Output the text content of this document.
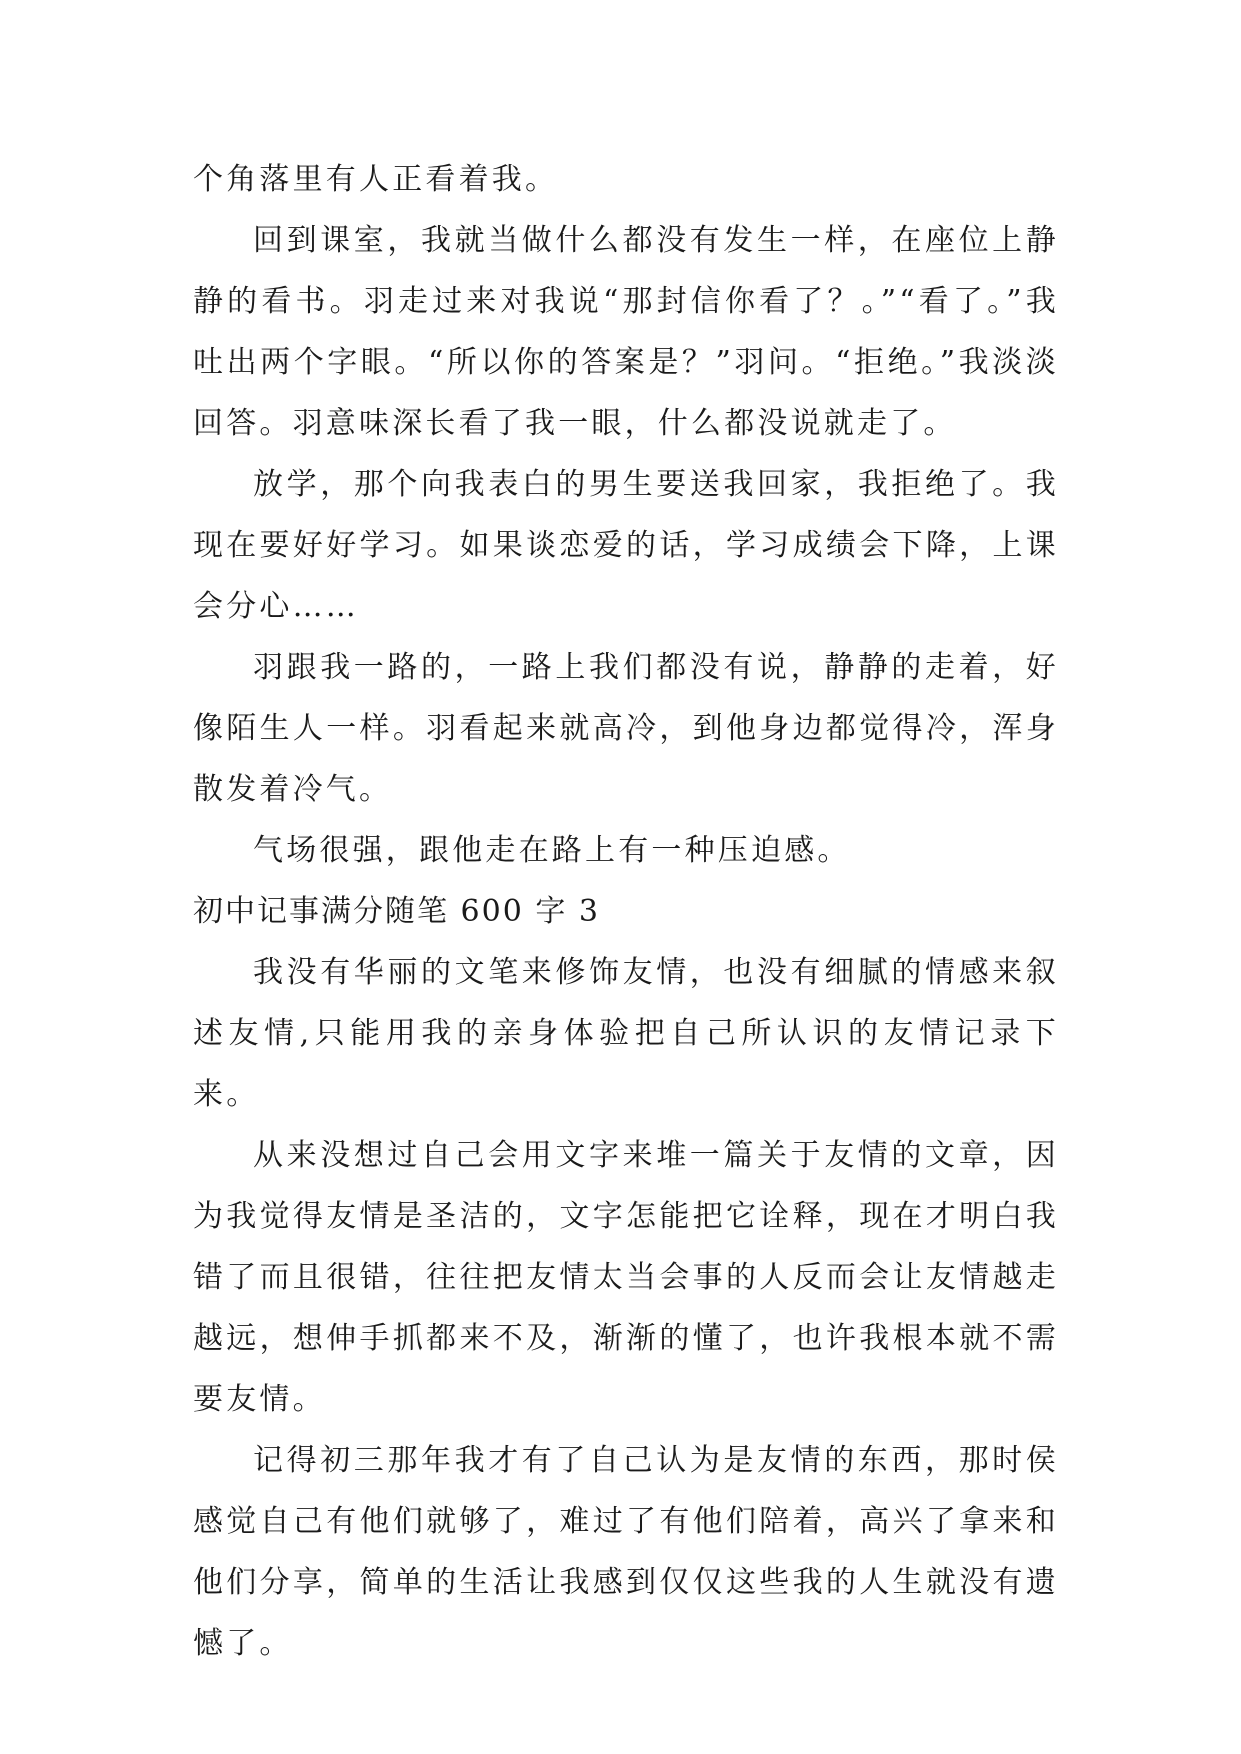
个角落里有人正看着我。

回到课室，我就当做什么都没有发生一样，在座位上静静的看书。羽走过来对我说“那封信你看了？。”“看了。”我吐出两个字眼。“所以你的答案是？”羽问。“拒绝。”我淡淡回答。羽意味深长看了我一眼，什么都没说就走了。

放学，那个向我表白的男生要送我回家，我拒绝了。我现在要好好学习。如果谈恋爱的话，学习成绩会下降，上课会分心……

羽跟我一路的，一路上我们都没有说，静静的走着，好像陌生人一样。羽看起来就高冷，到他身边都觉得冷，浑身散发着冷气。

气场很强，跟他走在路上有一种压迫感。

初中记事满分随笔 600 字 3

我没有华丽的文笔来修饰友情，也没有细腻的情感来叙述友情,只能用我的亲身体验把自己所认识的友情记录下来。

从来没想过自己会用文字来堆一篇关于友情的文章，因为我觉得友情是圣洁的，文字怎能把它诠释，现在才明白我错了而且很错，往往把友情太当会事的人反而会让友情越走越远，想伸手抓都来不及，渐渐的懂了，也许我根本就不需要友情。

记得初三那年我才有了自己认为是友情的东西，那时侯感觉自己有他们就够了，难过了有他们陪着，高兴了拿来和他们分享，简单的生活让我感到仅仅这些我的人生就没有遗憾了。
